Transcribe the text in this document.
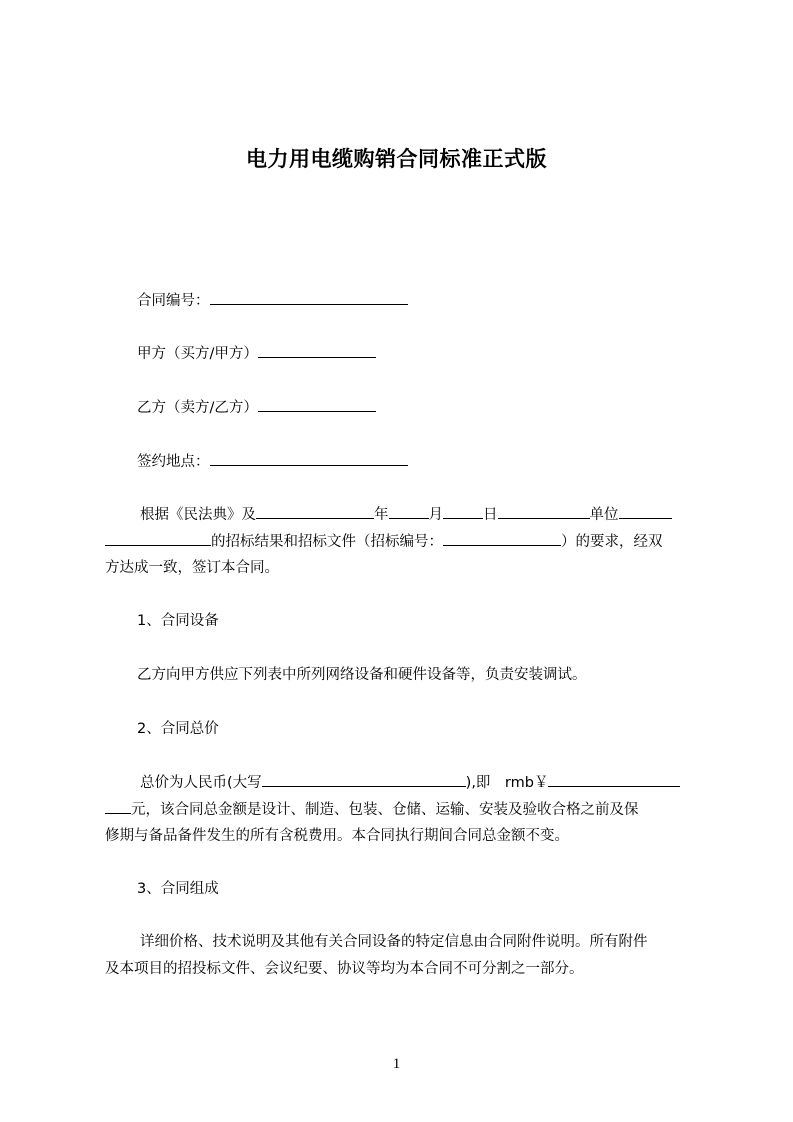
电力用电缆购销合同标准正式版
合同编号：
甲方（买方/甲方）
乙方（卖方/乙方）
签约地点：
根据《民法典》及	年	月	日	单位
的招标结果和招标文件（招标编号：	）的要求，经双
方达成一致，签订本合同。
1、合同设备
乙方向甲方供应下列表中所列网络设备和硬件设备等，负责安装调试。
2、合同总价
总价为人民币(大写	),即　rmb￥
元，该合同总金额是设计、制造、包装、仓储、运输、安装及验收合格之前及保
修期与备品备件发生的所有含税费用。本合同执行期间合同总金额不变。
3、合同组成
详细价格、技术说明及其他有关合同设备的特定信息由合同附件说明。所有附件
及本项目的招投标文件、会议纪要、协议等均为本合同不可分割之一部分。
1
